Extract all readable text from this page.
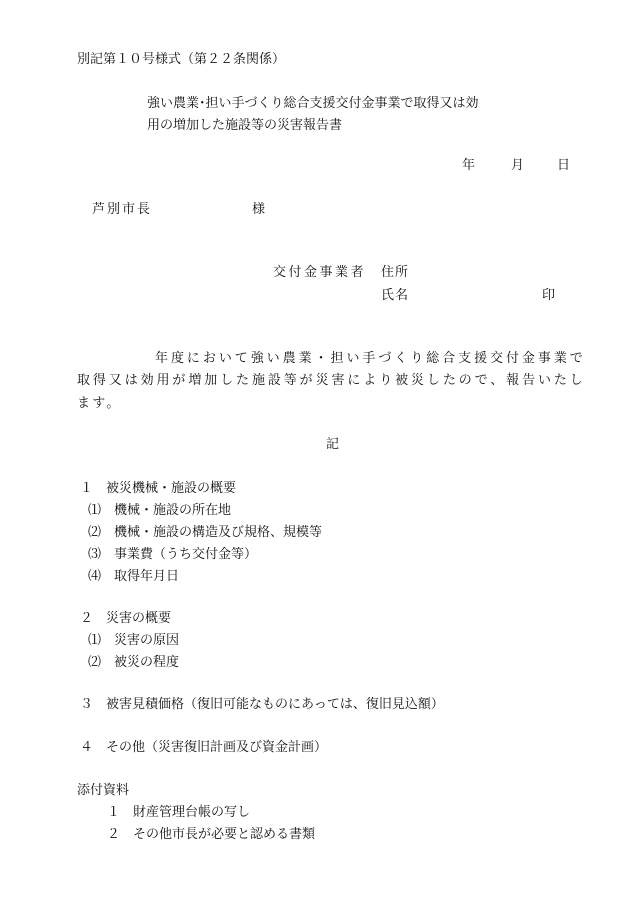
別記第１０号様式（第２２条関係）
強い農業･担い手づくり総合支援交付金事業で取得又は効
用の増加した施設等の災害報告書
年	月	日
芦別市長	様
交付金事業者 住所
氏名	印
年度において強い農業・担い手づくり総合支援交付金事業で
取得又は効用が増加した施設等が災害により被災したので、報告いたし
ます。
記
１　被災機械・施設の概要
⑴　機械・施設の所在地
⑵　機械・施設の構造及び規格、規模等
⑶　事業費（うち交付金等）
⑷　取得年月日
２　災害の概要
⑴　災害の原因
⑵　被災の程度
３　被害見積価格（復旧可能なものにあっては、復旧見込額）
４　その他（災害復旧計画及び資金計画）
添付資料
１　財産管理台帳の写し
２　その他市長が必要と認める書類
